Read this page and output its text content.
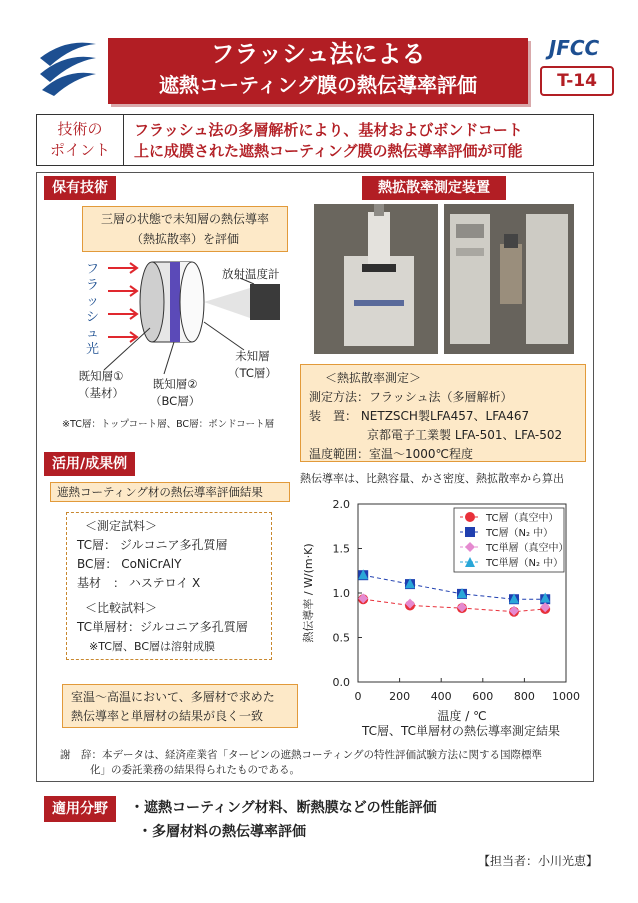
フラッシュ法による
遮熱コーティング膜の熱伝導率評価
JFCC
T-14
技術の
ポイント
フラッシュ法の多層解析により、基材およびボンドコート
上に成膜された遮熱コーティング膜の熱伝導率評価が可能
保有技術
三層の状態で未知層の熱伝導率
（熱拡散率）を評価
フラッシュ光
放射温度計
未知層
（TC層）
既知層①
（基材）
既知層②
（BC層）
※TC層：トップコート層、BC層：ボンドコート層
熱拡散率測定装置
＜熱拡散率測定＞
測定方法：フラッシュ法（多層解析）
装　置： NETZSCH製LFA457、LFA467
京都電子工業製 LFA-501、LFA-502
温度範囲：室温～1000℃程度
活用/成果例
遮熱コーティング材の熱伝導率評価結果
＜測定試料＞
TC層： ジルコニア多孔質層
BC層： CoNiCrAlY
基材　： ハステロイ X
＜比較試料＞
TC単層材：ジルコニア多孔質層
※TC層、BC層は溶射成膜
室温～高温において、多層材で求めた
熱伝導率と単層材の結果が良く一致
熱伝導率は、比熱容量、かさ密度、熱拡散率から算出
0.0
0.5
1.0
1.5
2.0
0	200 400 600 800 1000
温度 / ℃
熱伝導率 / W/(m·K)
TC層（真空中）
TC層（N₂ 中）
TC単層（真空中）
TC単層（N₂ 中）
TC層、TC単層材の熱伝導率測定結果
謝　辞：本データは、経済産業省「タービンの遮熱コーティングの特性評価試験方法に関する国際標準
化」の委託業務の結果得られたものである。
適用分野	・遮熱コーティング材料、断熱膜などの性能評価
・多層材料の熱伝導率評価
【担当者：小川光恵】
